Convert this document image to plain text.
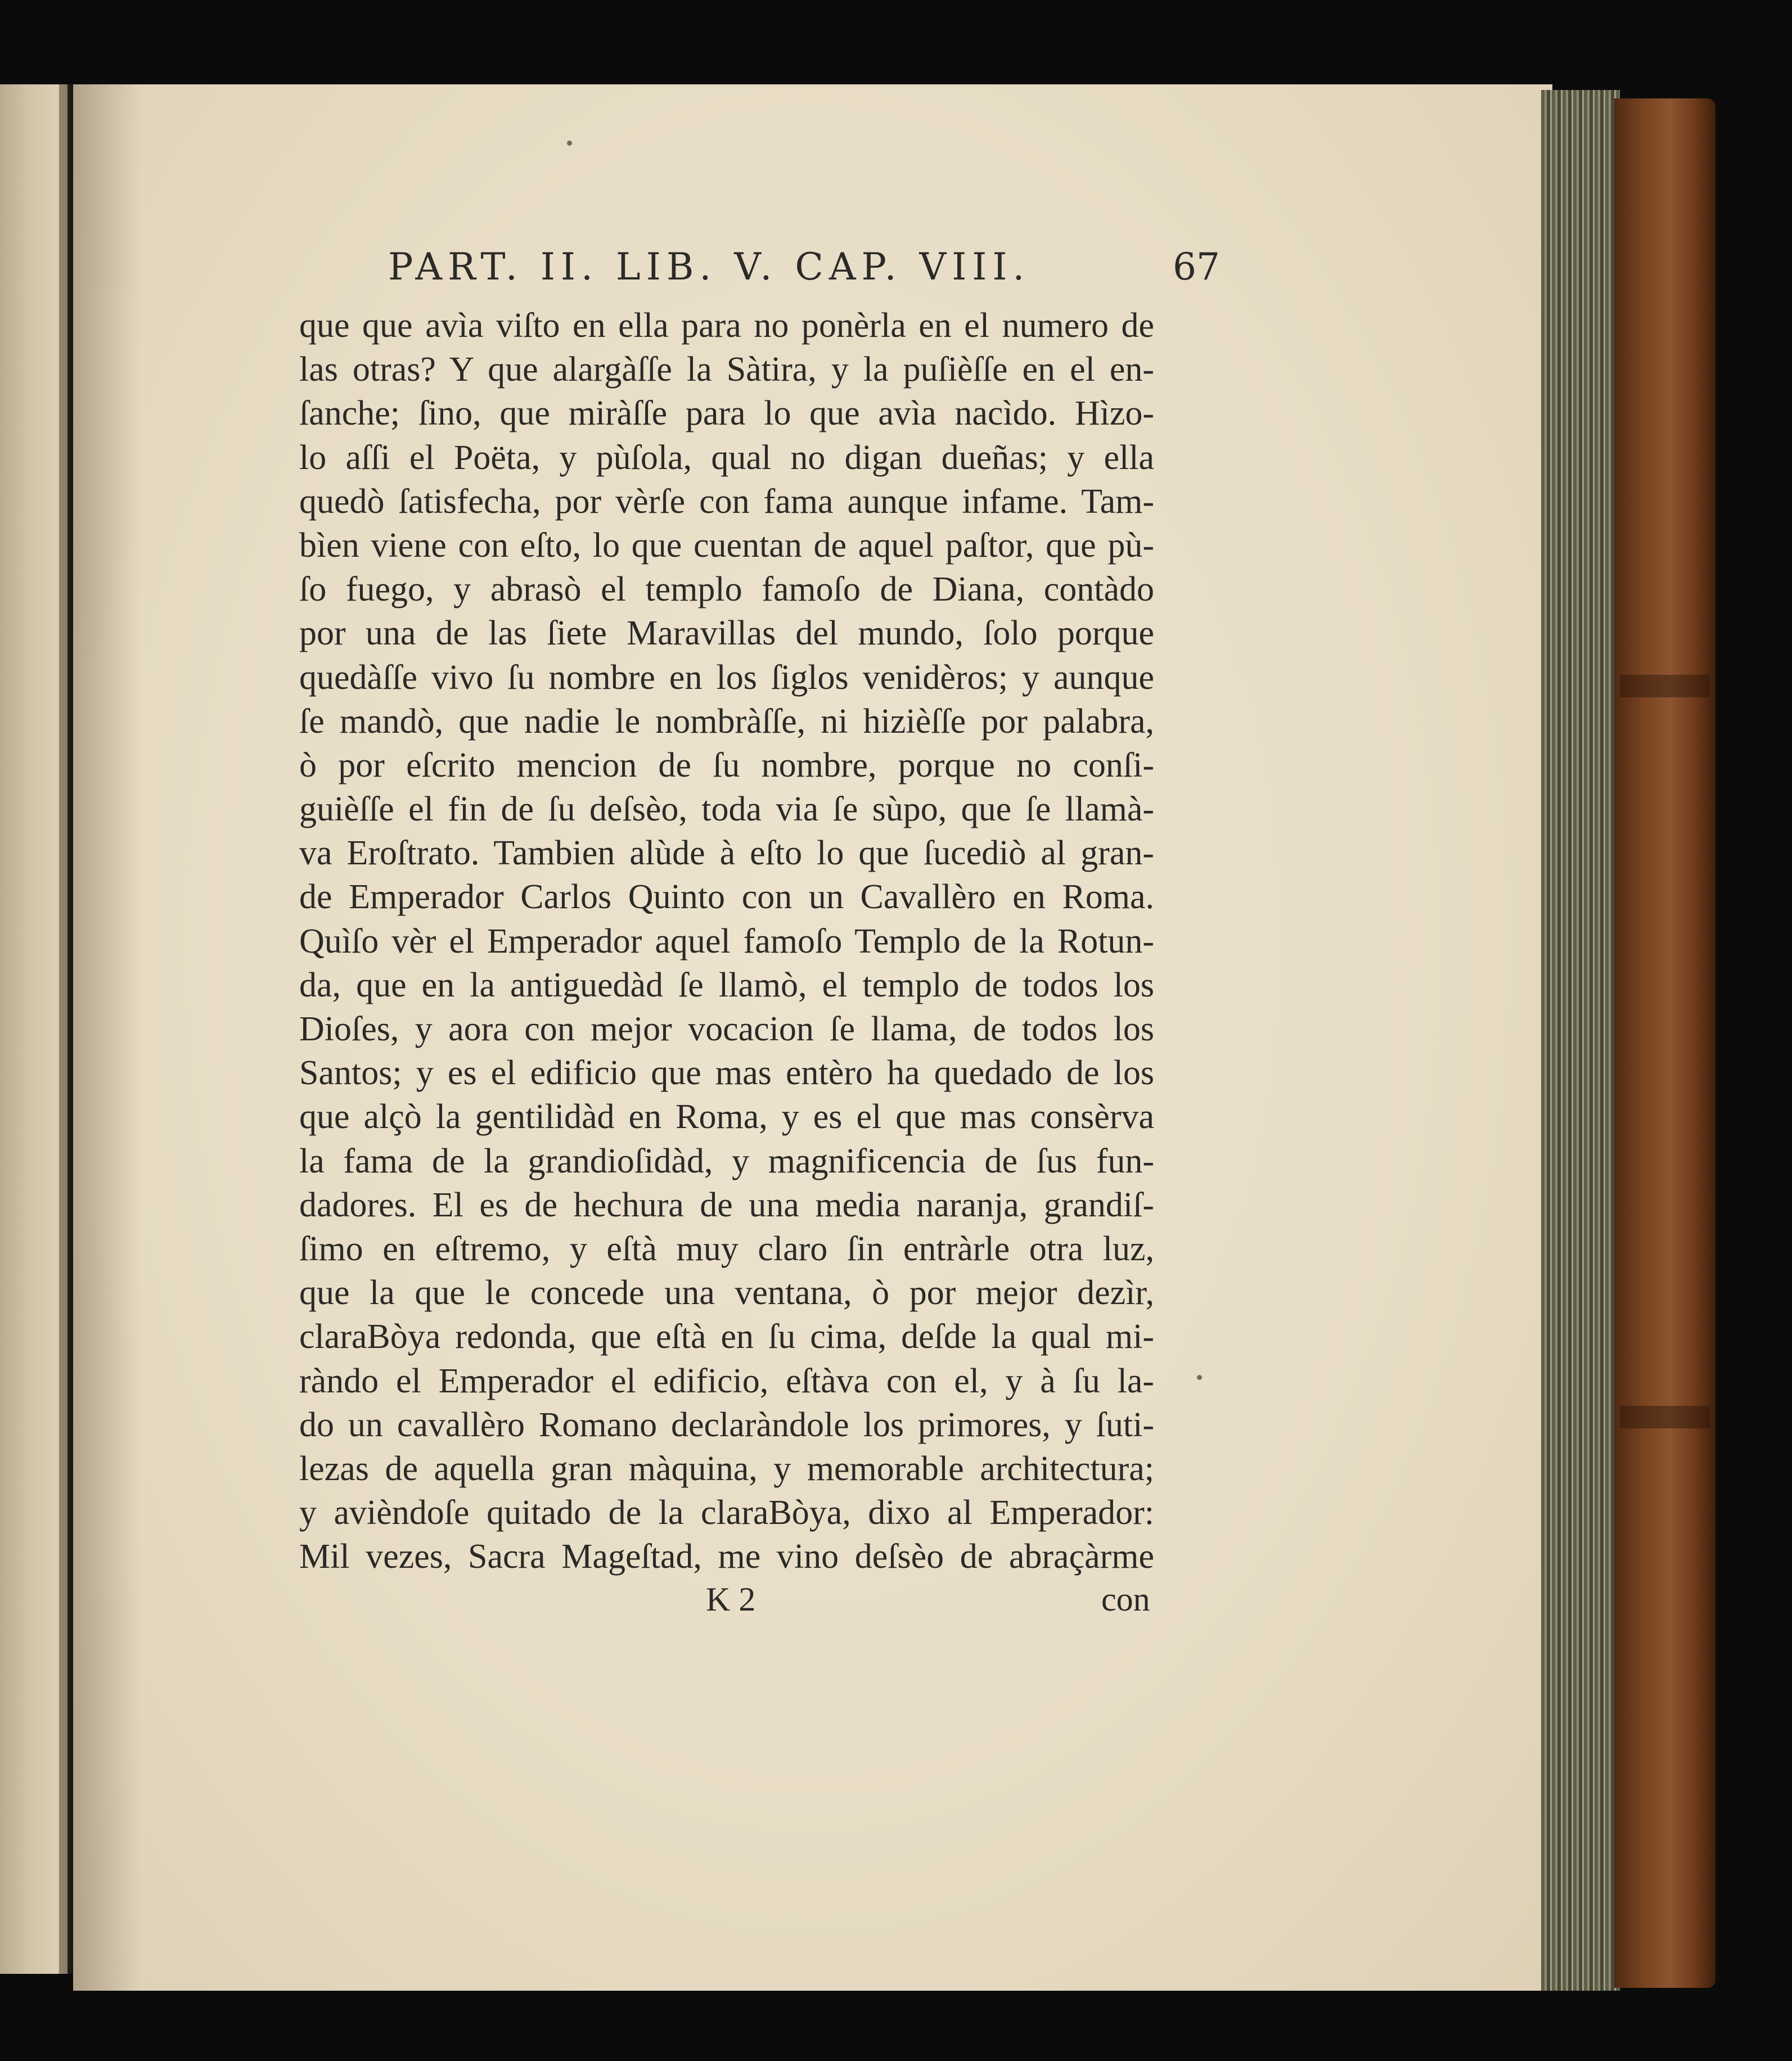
PART. II. LIB. V. CAP. VIII.	67
que que avìa viſto en ella para no ponèrla en el numero de
las otras? Y que alargàſſe la Sàtira, y la puſièſſe en el en-
ſanche; ſino, que miràſſe para lo que avìa nacìdo. Hìzo-
lo aſſi el Poëta, y pùſola, qual no digan dueñas; y ella
quedò ſatisfecha, por vèrſe con fama aunque infame. Tam-
bìen viene con eſto, lo que cuentan de aquel paſtor, que pù-
ſo fuego, y abrasò el templo famoſo de Diana, contàdo
por una de las ſiete Maravillas del mundo, ſolo porque
quedàſſe vivo ſu nombre en los ſiglos venidèros; y aunque
ſe mandò, que nadie le nombràſſe, ni hizièſſe por palabra,
ò por eſcrito mencion de ſu nombre, porque no conſi-
guièſſe el fin de ſu deſsèo, toda via ſe sùpo, que ſe llamà-
va Eroſtrato. Tambien alùde à eſto lo que ſucediò al gran-
de Emperador Carlos Quinto con un Cavallèro en Roma.
Quìſo vèr el Emperador aquel famoſo Templo de la Rotun-
da, que en la antiguedàd ſe llamò, el templo de todos los
Dioſes, y aora con mejor vocacion ſe llama, de todos los
Santos; y es el edificio que mas entèro ha quedado de los
que alçò la gentilidàd en Roma, y es el que mas consèrva
la fama de la grandioſidàd, y magnificencia de ſus fun-
dadores. El es de hechura de una media naranja, grandiſ-
ſimo en eſtremo, y eſtà muy claro ſin entràrle otra luz,
que la que le concede una ventana, ò por mejor dezìr,
claraBòya redonda, que eſtà en ſu cima, deſde la qual mi-
ràndo el Emperador el edificio, eſtàva con el, y à ſu la-
do un cavallèro Romano declaràndole los primores, y ſuti-
lezas de aquella gran màquina, y memorable architectura;
y avièndoſe quitado de la claraBòya, dixo al Emperador:
Mil vezes, Sacra Mageſtad, me vino deſsèo de abraçàrme
K 2	con
